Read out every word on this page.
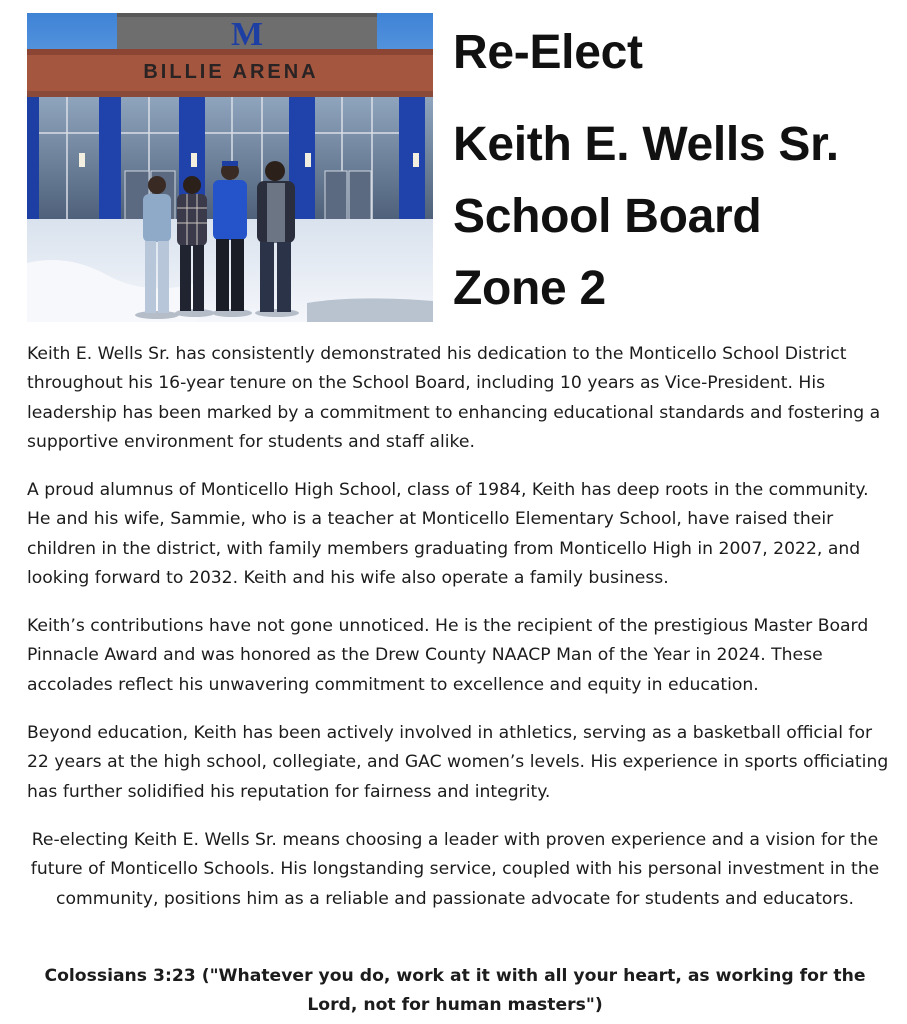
M
BILLIE ARENA	Re-Elect
Keith E. Wells Sr.
School Board
Zone 2

Keith E. Wells Sr. has consistently demonstrated his dedication to the Monticello School District throughout his 16-year tenure on the School Board, including 10 years as Vice-President. His leadership has been marked by a commitment to enhancing educational standards and fostering a supportive environment for students and staff alike.

A proud alumnus of Monticello High School, class of 1984, Keith has deep roots in the community. He and his wife, Sammie, who is a teacher at Monticello Elementary School, have raised their children in the district, with family members graduating from Monticello High in 2007, 2022, and looking forward to 2032. Keith and his wife also operate a family business.

Keith’s contributions have not gone unnoticed. He is the recipient of the prestigious Master Board Pinnacle Award and was honored as the Drew County NAACP Man of the Year in 2024. These accolades reflect his unwavering commitment to excellence and equity in education.

Beyond education, Keith has been actively involved in athletics, serving as a basketball official for 22 years at the high school, collegiate, and GAC women’s levels. His experience in sports officiating has further solidified his reputation for fairness and integrity.

Re-electing Keith E. Wells Sr. means choosing a leader with proven experience and a vision for the future of Monticello Schools. His longstanding service, coupled with his personal investment in the community, positions him as a reliable and passionate advocate for students and educators.

Colossians 3:23 ("Whatever you do, work at it with all your heart, as working for the Lord, not for human masters")
